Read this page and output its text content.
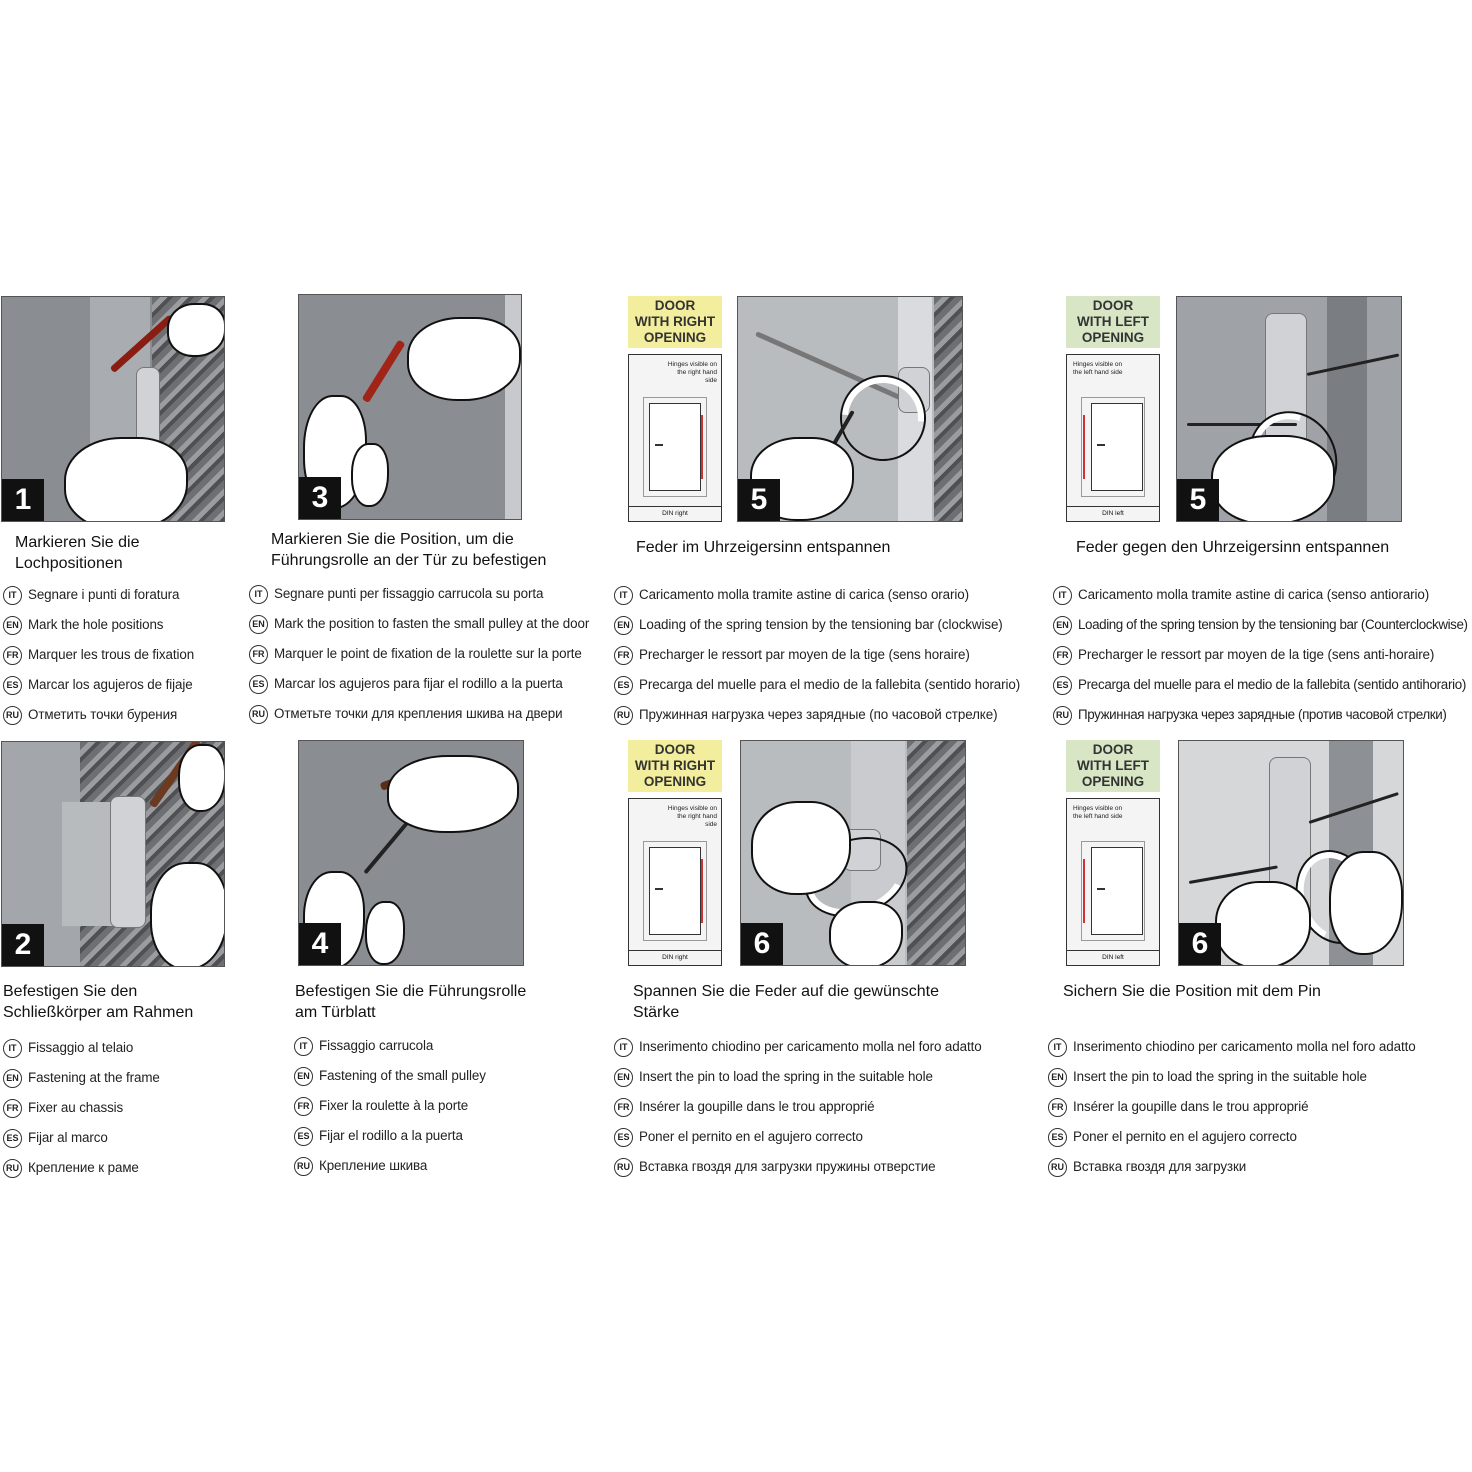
1
Markieren Sie die
Lochpositionen
IT Segnare i punti di foratura
EN Mark the hole positions
FR Marquer les trous de fixation
ES Marcar los agujeros de fijaje
RU Отметить точки бурения
3
Markieren Sie die Position, um die
Führungsrolle an der Tür zu befestigen
IT Segnare punti per fissaggio carrucola su porta
EN Mark the position to fasten the small pulley at the door
FR Marquer le point de fixation de la roulette sur la porte
ES Marcar los agujeros para fijar el rodillo a la puerta
RU Отметьте точки для крепления шкива на двери
DOOR
WITH RIGHT
OPENING
Hinges visible on the right hand side
DIN right	5
Feder im Uhrzeigersinn entspannen
IT Caricamento molla tramite astine di carica (senso orario)
EN Loading of the spring tension by the tensioning bar (clockwise)
FR Precharger le ressort par moyen de la tige (sens horaire)
ES Precarga del muelle para el medio de la fallebita (sentido horario)
RU Пружинная нагрузка через зарядные (по часовой стрелке)
DOOR
WITH LEFT
OPENING
Hinges visible on the left hand side
DIN left	5
Feder gegen den Uhrzeigersinn entspannen
IT Caricamento molla tramite astine di carica (senso antiorario)
EN Loading of the spring tension by the tensioning bar (Counterclockwise)
FR Precharger le ressort par moyen de la tige (sens anti-horaire)
ES Precarga del muelle para el medio de la fallebita (sentido antihorario)
RU Пружинная нагрузка через зарядные (против часовой стрелки)
2
Befestigen Sie den
Schließkörper am Rahmen
IT Fissaggio al telaio
EN Fastening at the frame
FR Fixer au chassis
ES Fijar al marco
RU Крепление к раме
4
Befestigen Sie die Führungsrolle
am Türblatt
IT Fissaggio carrucola
EN Fastening of the small pulley
FR Fixer la roulette à la porte
ES Fijar el rodillo a la puerta
RU Крепление шкива
DOOR
WITH RIGHT
OPENING
Hinges visible on the right hand side
DIN right	6
Spannen Sie die Feder auf die gewünschte
Stärke
IT Inserimento chiodino per caricamento molla nel foro adatto
EN Insert the pin to load the spring in the suitable hole
FR Insérer la goupille dans le trou approprié
ES Poner el pernito en el agujero correcto
RU Вставка гвоздя для загрузки пружины отверстие
DOOR
WITH LEFT
OPENING
Hinges visible on the left hand side
DIN left	6
Sichern Sie die Position mit dem Pin
IT Inserimento chiodino per caricamento molla nel foro adatto
EN Insert the pin to load the spring in the suitable hole
FR Insérer la goupille dans le trou approprié
ES Poner el pernito en el agujero correcto
RU Вставка гвоздя для загрузки
